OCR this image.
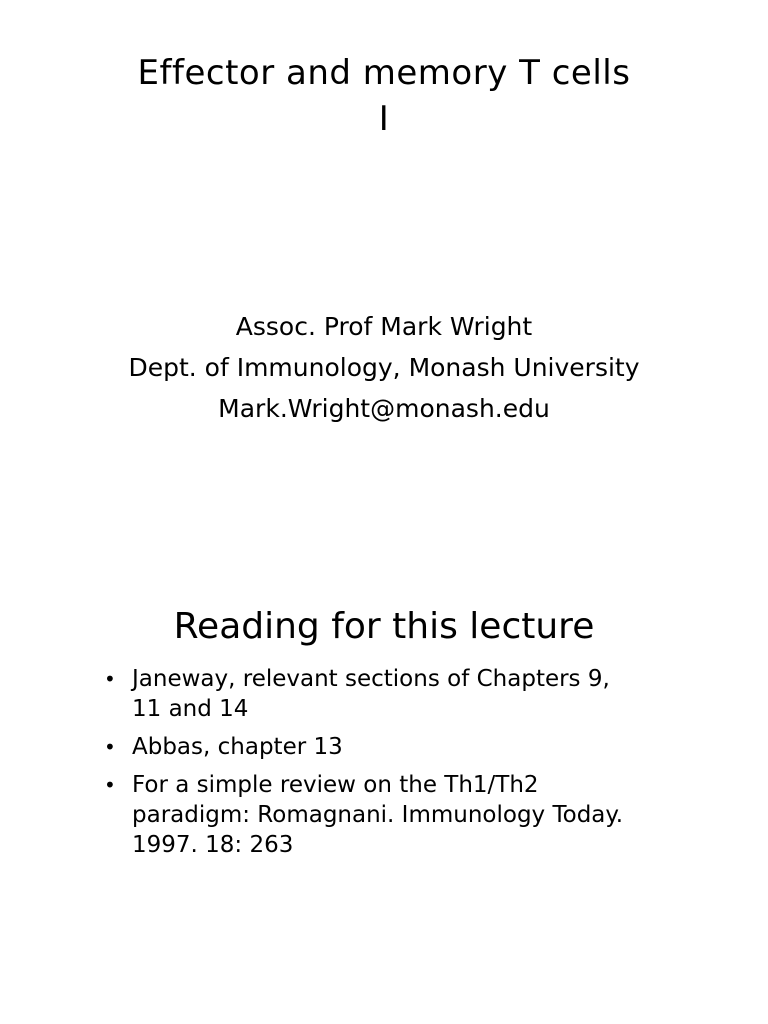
Effector and memory T cells
I
Assoc. Prof Mark Wright
Dept. of Immunology, Monash University
Mark.Wright@monash.edu
Reading for this lecture
• Janeway, relevant sections of Chapters 9,
11 and 14
• Abbas, chapter 13
• For a simple review on the Th1/Th2
paradigm: Romagnani. Immunology Today.
1997. 18: 263
